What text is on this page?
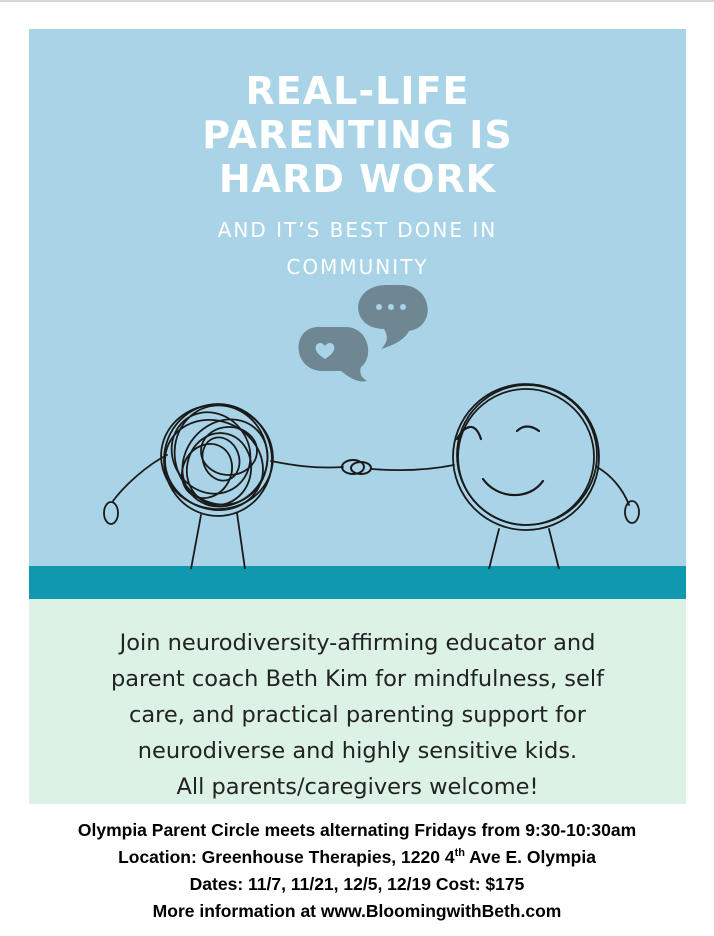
REAL-LIFE
PARENTING IS
HARD WORK

AND IT’S BEST DONE IN
COMMUNITY

Join neurodiversity-affirming educator and
parent coach Beth Kim for mindfulness, self
care, and practical parenting support for
neurodiverse and highly sensitive kids.
All parents/caregivers welcome!

Olympia Parent Circle meets alternating Fridays from 9:30-10:30am
Location: Greenhouse Therapies, 1220 4th Ave E. Olympia
Dates: 11/7, 11/21, 12/5, 12/19 Cost: $175
More information at www.BloomingwithBeth.com
